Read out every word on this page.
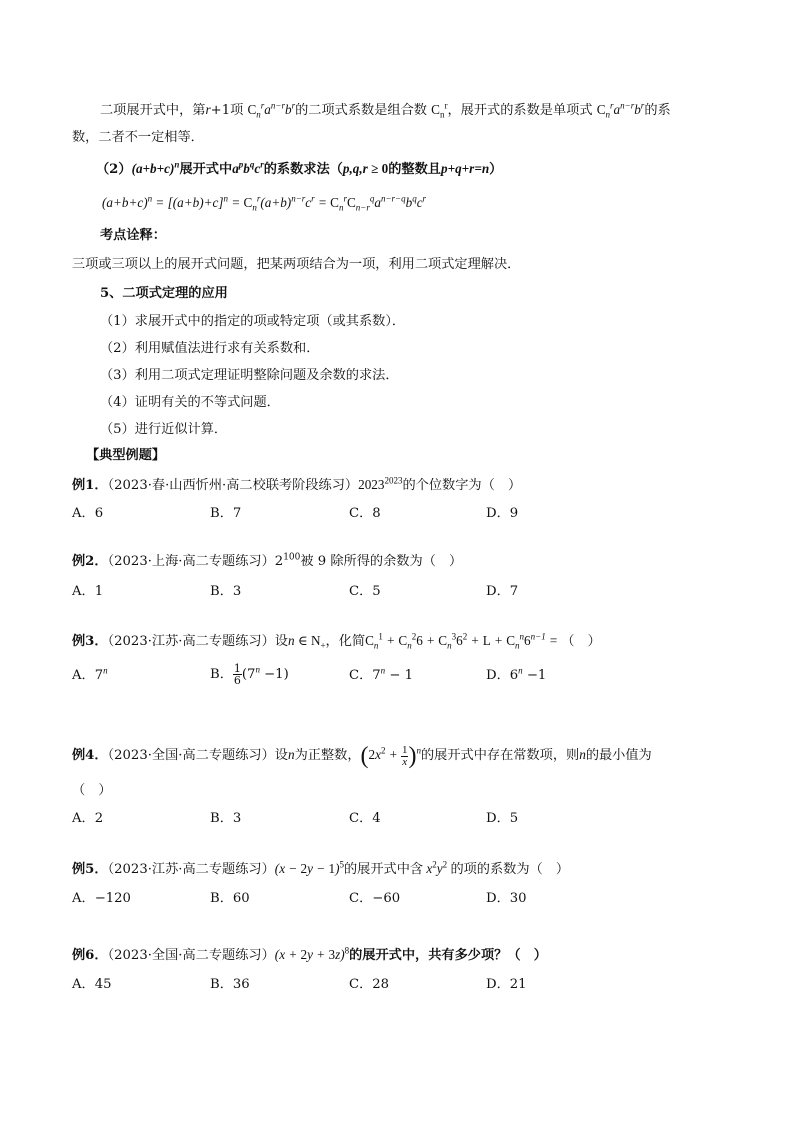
二项展开式中，第r+1项 $C_n^ra^{n-r}b^r$的二项式系数是组合数 $C_n^r$，展开式的系数是单项式 $C_n^ra^{n-r}b^r$的系
数，二者不一定相等．
$(2)(a+b+c)^n$展开式中$a^pb^qc^r$的系数求法（p,q,r ≥ 0的整数且p+q+r=n）
$(a+b+c)^n = [(a+b)+c]^n = C_n^r(a+b)^{n-r}c^r = C_n^rC_{n-r}^qa^{n-r-q}b^qc^r$
考点诠释：
三项或三项以上的展开式问题，把某两项结合为一项，利用二项式定理解决．
5、二项式定理的应用
（1）求展开式中的指定的项或特定项（或其系数）．
（2）利用赋值法进行求有关系数和．
（3）利用二项式定理证明整除问题及余数的求法．
（4）证明有关的不等式问题．
（5）进行近似计算．
【典型例题】
例1．（2023·春·山西忻州·高二校联考阶段练习）$2023^{2023}$的个位数字为（　）
A．6	B．7	C．8	D．9
例2．（2023·上海·高二专题练习）$2^{100}$被 9 除所得的余数为（　）
A．1	B．3	C．5	D．7
例3．（2023·江苏·高二专题练习）设n ∈ $N_+$，化简$C_n^1 + C_n^26 + C_n^36^2 + L + C_n^n6^{n-1}$ = （　）
A．7$^n$	B． $\frac{1}{6} (7^n -1)$	C．$7^n - 1$	D．$6^n -1$
例4．（2023·全国·高二专题练习）设n为正整数，$(2x^2 + \frac{1}{x} )^n$的展开式中存在常数项，则n的最小值为
（　）
A．2	B．3	C．4	D．5
例5．（2023·江苏·高二专题练习）$(x - 2y - 1)^5$的展开式中含 $x^2y^2$ 的项的系数为（　）
A．−120	B．60	C．−60	D．30
例6．（2023·全国·高二专题练习）$(x + 2y + 3z)^8$的展开式中，共有多少项？（　）
A．45	B．36	C．28	D．21
